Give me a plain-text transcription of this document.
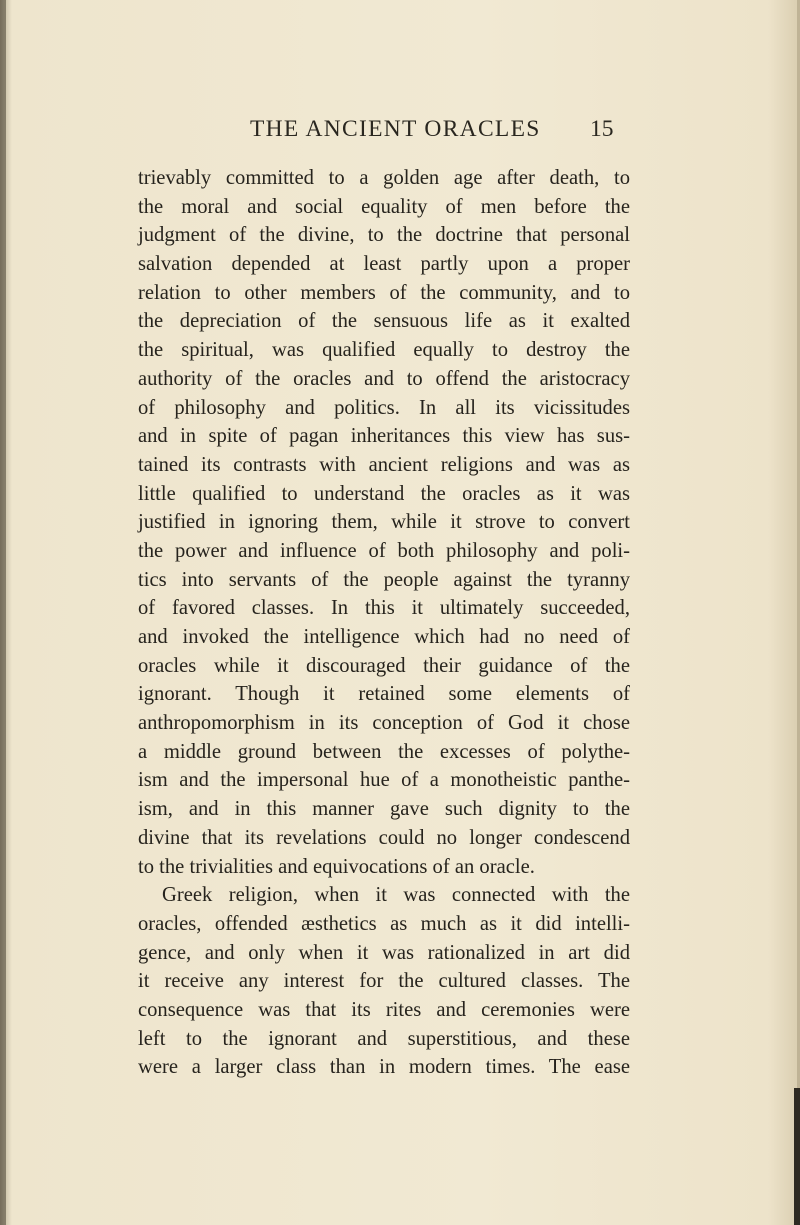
THE ANCIENT ORACLES 15
trievably committed to a golden age after death, to
the moral and social equality of men before the
judgment of the divine, to the doctrine that personal
salvation depended at least partly upon a proper
relation to other members of the community, and to
the depreciation of the sensuous life as it exalted
the spiritual, was qualified equally to destroy the
authority of the oracles and to offend the aristocracy
of philosophy and politics. In all its vicissitudes
and in spite of pagan inheritances this view has sus-
tained its contrasts with ancient religions and was as
little qualified to understand the oracles as it was
justified in ignoring them, while it strove to convert
the power and influence of both philosophy and poli-
tics into servants of the people against the tyranny
of favored classes. In this it ultimately succeeded,
and invoked the intelligence which had no need of
oracles while it discouraged their guidance of the
ignorant. Though it retained some elements of
anthropomorphism in its conception of God it chose
a middle ground between the excesses of polythe-
ism and the impersonal hue of a monotheistic panthe-
ism, and in this manner gave such dignity to the
divine that its revelations could no longer condescend
to the trivialities and equivocations of an oracle.
Greek religion, when it was connected with the
oracles, offended æsthetics as much as it did intelli-
gence, and only when it was rationalized in art did
it receive any interest for the cultured classes. The
consequence was that its rites and ceremonies were
left to the ignorant and superstitious, and these
were a larger class than in modern times. The ease
